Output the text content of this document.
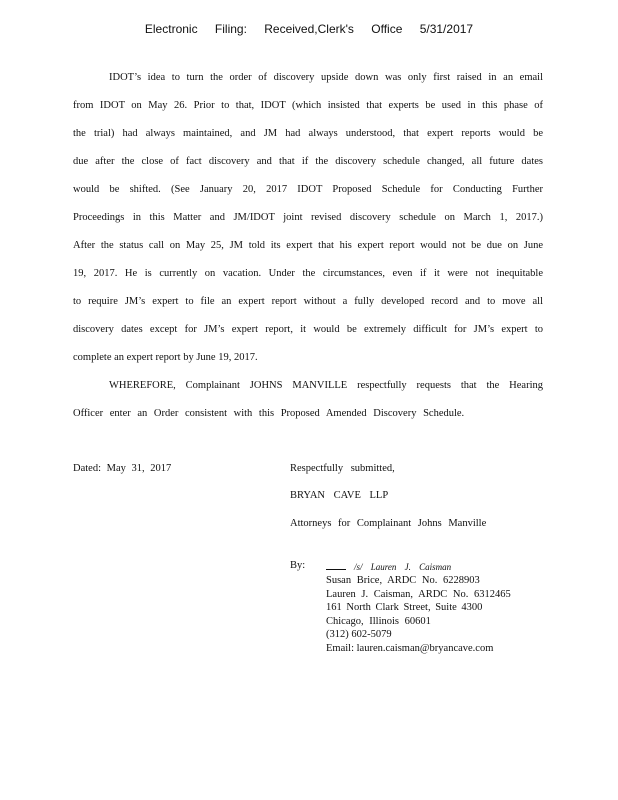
Electronic Filing: Received,Clerk's Office 5/31/2017
IDOT’s idea to turn the order of discovery upside down was only first raised in an email
from IDOT on May 26. Prior to that, IDOT (which insisted that experts be used in this phase of
the trial) had always maintained, and JM had always understood, that expert reports would be
due after the close of fact discovery and that if the discovery schedule changed, all future dates
would be shifted. (See January 20, 2017 IDOT Proposed Schedule for Conducting Further
Proceedings in this Matter and JM/IDOT joint revised discovery schedule on March 1, 2017.)
After the status call on May 25, JM told its expert that his expert report would not be due on June
19, 2017. He is currently on vacation. Under the circumstances, even if it were not inequitable
to require JM’s expert to file an expert report without a fully developed record and to move all
discovery dates except for JM’s expert report, it would be extremely difficult for JM’s expert to
complete an expert report by June 19, 2017.
WHEREFORE, Complainant JOHNS MANVILLE respectfully requests that the Hearing
Officer enter an Order consistent with this Proposed Amended Discovery Schedule.
Dated: May 31, 2017	Respectfully submitted,
BRYAN CAVE LLP
Attorneys for Complainant Johns Manville
By:	/s/ Lauren J. Caisman
Susan Brice, ARDC No. 6228903
Lauren J. Caisman, ARDC No. 6312465
161 North Clark Street, Suite 4300
Chicago, Illinois 60601
(312) 602-5079
Email: lauren.caisman@bryancave.com
